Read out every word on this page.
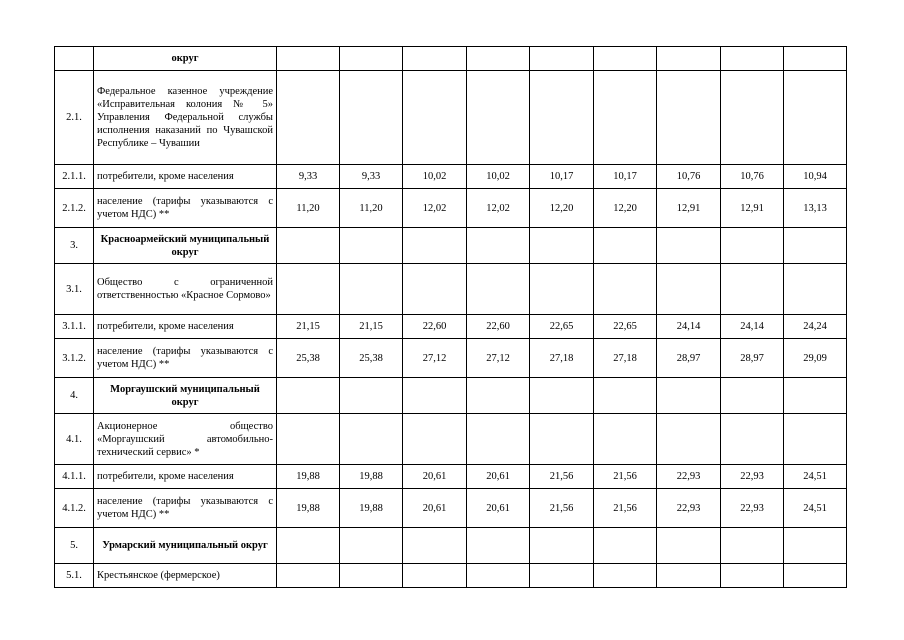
	округ									
2.1.	Федеральное казенное учреждение «Исправительная колония № 5» Управления Федеральной службы исполнения наказаний по Чувашской Республике – Чувашии									
2.1.1.	потребители, кроме населения	9,33	9,33	10,02	10,02	10,17	10,17	10,76	10,76	10,94
2.1.2.	население (тарифы указываются с учетом НДС) **	11,20	11,20	12,02	12,02	12,20	12,20	12,91	12,91	13,13
3.	Красноармейский муниципальный округ									
3.1.	Общество с ограниченной ответственностью «Красное Сормово»									
3.1.1.	потребители, кроме населения	21,15	21,15	22,60	22,60	22,65	22,65	24,14	24,14	24,24
3.1.2.	население (тарифы указываются с учетом НДС) **	25,38	25,38	27,12	27,12	27,18	27,18	28,97	28,97	29,09
4.	Моргаушский муниципальный округ									
4.1.	Акционерное общество «Моргаушский автомобильно-технический сервис» *									
4.1.1.	потребители, кроме населения	19,88	19,88	20,61	20,61	21,56	21,56	22,93	22,93	24,51
4.1.2.	население (тарифы указываются с учетом НДС) **	19,88	19,88	20,61	20,61	21,56	21,56	22,93	22,93	24,51
5.	Урмарский муниципальный округ									
5.1.	Крестьянское (фермерское)									
